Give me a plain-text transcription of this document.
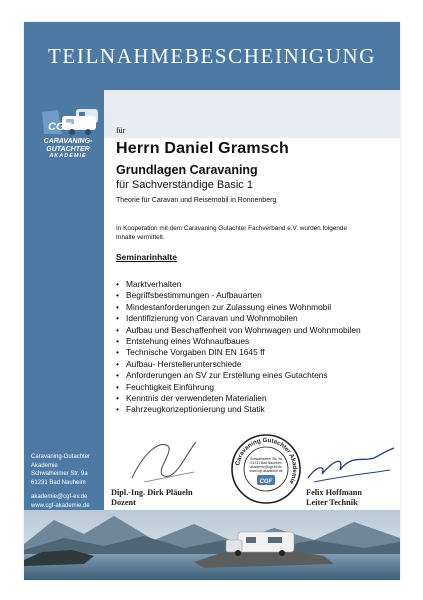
TEILNAHMEBESCHEINIGUNG
CGF
CARAVANING-
GUTACHTER
AKADEMIE
für
Herrn Daniel Gramsch
Grundlagen Caravaning
für Sachverständige Basic 1
Theorie für Caravan und Reisemobil in Ronnenberg
In Kooperation mit dem Caravaning Gutachter Fachverband e.V. wurden folgende Inhalte vermittelt.
Seminarinhalte
• Marktverhalten
• Begriffsbestimmungen - Aufbauarten
• Mindestanforderungen zur Zulassung eines Wohnmobil
• Identifizierung von Caravan und Wohnmobilen
• Aufbau und Beschaffenheit von Wohnwagen und Wohnmobilen
• Entstehung eines Wohnaufbaues
• Technische Vorgaben DIN EN 1645 ff
• Aufbau- Herstellerunterschiede
• Anforderungen an SV zur Erstellung eines Gutachtens
• Feuchtigkeit Einführung
• Kenntnis der verwendeten Materialien
• Fahrzeugkonzeptionierung und Statik
Caravaning-Gutachter
Akademie
Schwalheimer Str. 9a
61231 Bad Nauheim
akademie@cgf-ev.de
www.cgf-akademie.de
Dipl.-Ing. Dirk Pläueln
Dozent
Felix Hoffmann
Leiter Technik
Caravaning Gutachter Akademie
Schwalheimer Str. 9a
61231 Bad Nauheim
akademie@cgf-ev.de
www.cgf-akademie.de
CGF
